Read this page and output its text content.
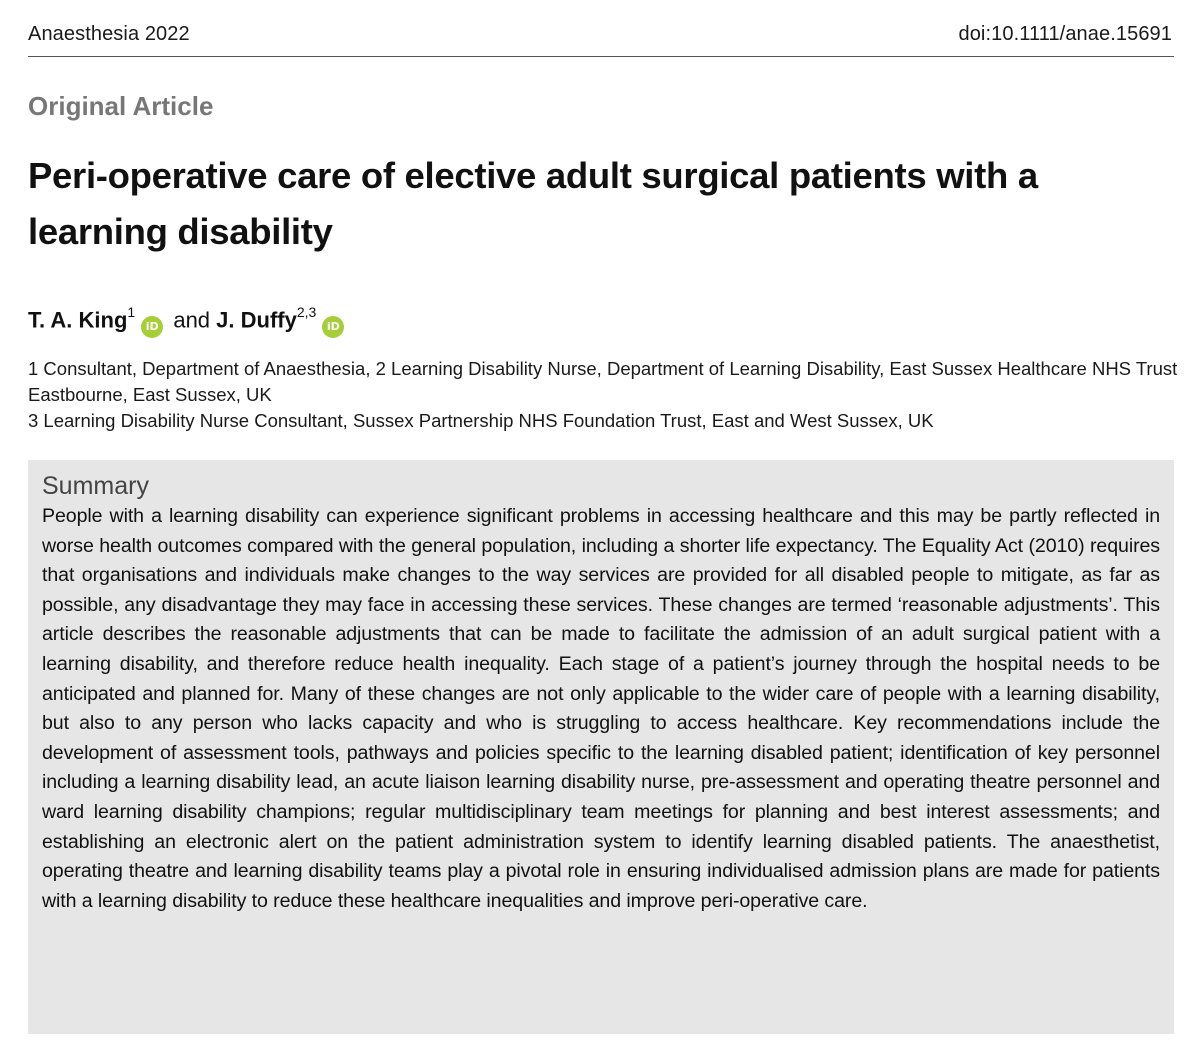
Anaesthesia 2022	doi:10.1111/anae.15691
Original Article
Peri-operative care of elective adult surgical patients with a learning disability
T. A. King$^1$iD and J. Duffy$^{2,3}$iD
1 Consultant, Department of Anaesthesia, 2 Learning Disability Nurse, Department of Learning Disability, East Sussex Healthcare NHS Trust Eastbourne, East Sussex, UK
3 Learning Disability Nurse Consultant, Sussex Partnership NHS Foundation Trust, East and West Sussex, UK
Summary

People with a learning disability can experience significant problems in accessing healthcare and this may be partly reflected in worse health outcomes compared with the general population, including a shorter life expectancy. The Equality Act (2010) requires that organisations and individuals make changes to the way services are provided for all disabled people to mitigate, as far as possible, any disadvantage they may face in accessing these services. These changes are termed ‘reasonable adjustments’. This article describes the reasonable adjustments that can be made to facilitate the admission of an adult surgical patient with a learning disability, and therefore reduce health inequality. Each stage of a patient’s journey through the hospital needs to be anticipated and planned for. Many of these changes are not only applicable to the wider care of people with a learning disability, but also to any person who lacks capacity and who is struggling to access healthcare. Key recommendations include the development of assessment tools, pathways and policies specific to the learning disabled patient; identification of key personnel including a learning disability lead, an acute liaison learning disability nurse, pre-assessment and operating theatre personnel and ward learning disability champions; regular multidisciplinary team meetings for planning and best interest assessments; and establishing an electronic alert on the patient administration system to identify learning disabled patients. The anaesthetist, operating theatre and learning disability teams play a pivotal role in ensuring individualised admission plans are made for patients with a learning disability to reduce these healthcare inequalities and improve peri-operative care.
